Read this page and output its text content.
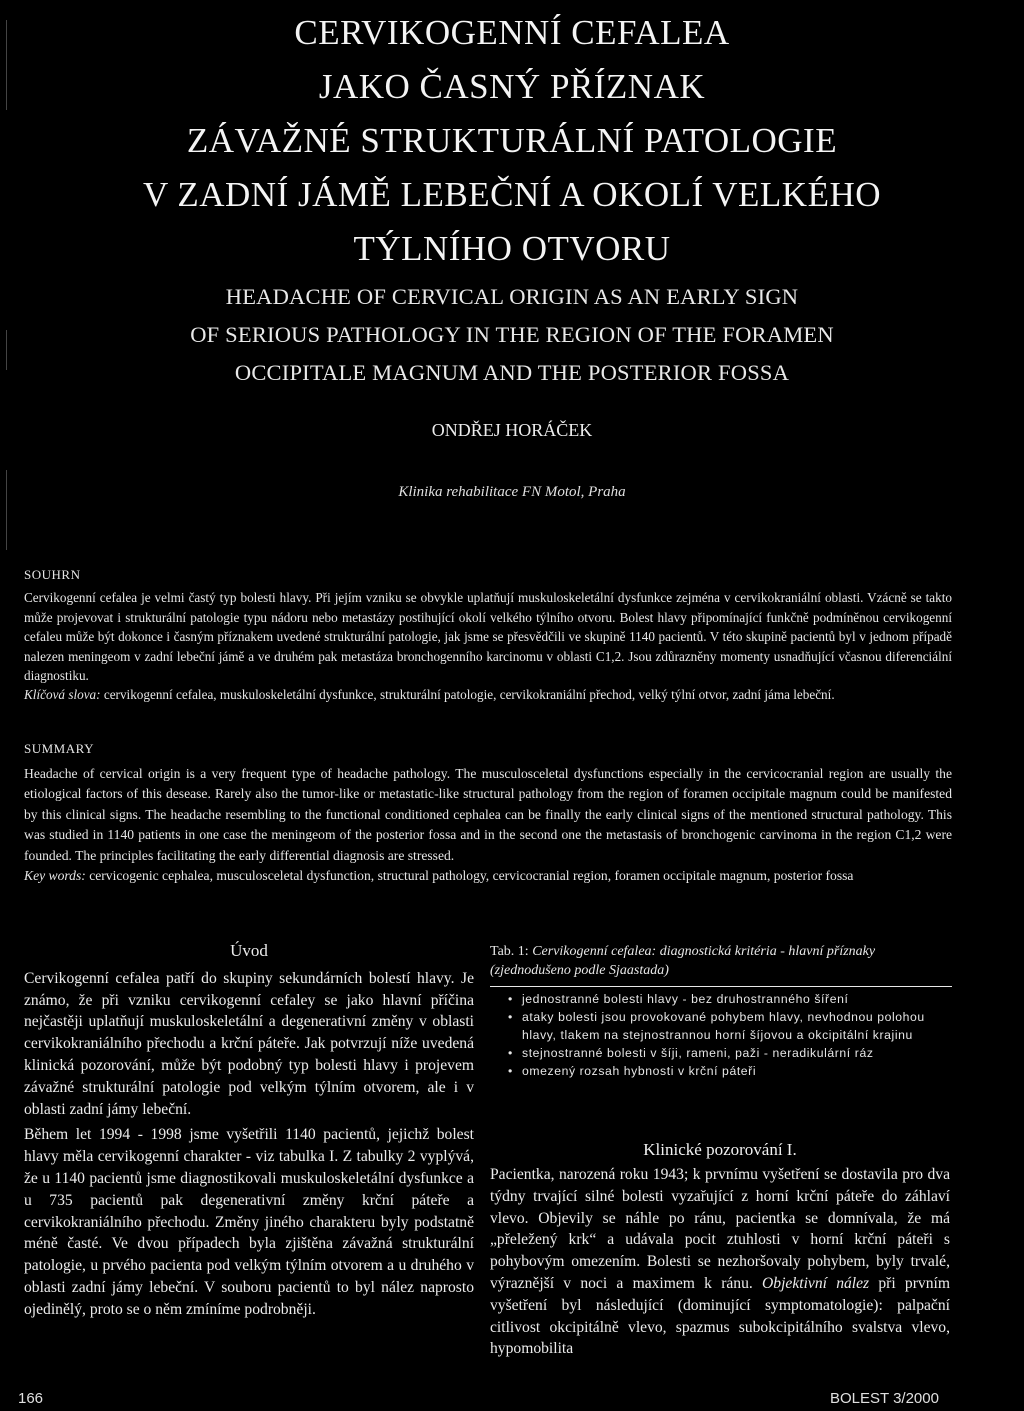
CERVIKOGENNÍ CEFALEA
JAKO ČASNÝ PŘÍZNAK
ZÁVAŽNÉ STRUKTURÁLNÍ PATOLOGIE
V ZADNÍ JÁMĚ LEBEČNÍ A OKOLÍ VELKÉHO
TÝLNÍHO OTVORU
HEADACHE OF CERVICAL ORIGIN AS AN EARLY SIGN
OF SERIOUS PATHOLOGY IN THE REGION OF THE FORAMEN
OCCIPITALE MAGNUM AND THE POSTERIOR FOSSA
ONDŘEJ HORÁČEK
Klinika rehabilitace FN Motol, Praha
SOUHRN

Cervikogenní cefalea je velmi častý typ bolesti hlavy. Při jejím vzniku se obvykle uplatňují muskuloskeletální dysfunkce zejména v cervikokraniální oblasti. Vzácně se takto může projevovat i strukturální patologie typu nádoru nebo metastázy postihující okolí velkého týlního otvoru. Bolest hlavy připomínající funkčně podmíněnou cervikogenní cefaleu může být dokonce i časným příznakem uvedené strukturální patologie, jak jsme se přesvědčili ve skupině 1140 pacientů. V této skupině pacientů byl v jednom případě nalezen meningeom v zadní lebeční jámě a ve druhém pak metastáza bronchogenního karcinomu v oblasti C1,2. Jsou zdůrazněny momenty usnadňující včasnou diferenciální diagnostiku.

Klíčová slova: cervikogenní cefalea, muskuloskeletální dysfunkce, strukturální patologie, cervikokraniální přechod, velký týlní otvor, zadní jáma lebeční.

SUMMARY

Headache of cervical origin is a very frequent type of headache pathology. The musculosceletal dysfunctions especially in the cervicocranial region are usually the etiological factors of this desease. Rarely also the tumor-like or metastatic-like structural pathology from the region of foramen occipitale magnum could be manifested by this clinical signs. The headache resembling to the functional conditioned cephalea can be finally the early clinical signs of the mentioned structural pathology. This was studied in 1140 patients in one case the meningeom of the posterior fossa and in the second one the metastasis of bronchogenic carvinoma in the region C1,2 were founded. The principles facilitating the early differential diagnosis are stressed.

Key words: cervicogenic cephalea, musculosceletal dysfunction, structural pathology, cervicocranial region, foramen occipitale magnum, posterior fossa

Úvod

Cervikogenní cefalea patří do skupiny sekundárních bolestí hlavy. Je známo, že při vzniku cervikogenní cefaley se jako hlavní příčina nejčastěji uplatňují muskuloskeletální a degenerativní změny v oblasti cervikokraniálního přechodu a krční páteře. Jak potvrzují níže uvedená klinická pozorování, může být podobný typ bolesti hlavy i projevem závažné strukturální patologie pod velkým týlním otvorem, ale i v oblasti zadní jámy lebeční.

Během let 1994 - 1998 jsme vyšetřili 1140 pacientů, jejichž bolest hlavy měla cervikogenní charakter - viz tabulka I. Z tabulky 2 vyplývá, že u 1140 pacientů jsme diagnostikovali muskuloskeletální dysfunkce a u 735 pacientů pak degenerativní změny krční páteře a cervikokraniálního přechodu. Změny jiného charakteru byly podstatně méně časté. Ve dvou případech byla zjištěna závažná strukturální patologie, u prvého pacienta pod velkým týlním otvorem a u druhého v oblasti zadní jámy lebeční. V souboru pacientů to byl nález naprosto ojedinělý, proto se o něm zmíníme podrobněji.

Tab. 1: Cervikogenní cefalea: diagnostická kritéria - hlavní příznaky (zjednodušeno podle Sjaastada)
• jednostranné bolesti hlavy - bez druhostranného šíření
• ataky bolesti jsou provokované pohybem hlavy, nevhodnou polohou hlavy, tlakem na stejnostrannou horní šíjovou a okcipitální krajinu
• stejnostranné bolesti v šíji, rameni, paži - neradikulární ráz
• omezený rozsah hybnosti v krční páteři
Klinické pozorování I.

Pacientka, narozená roku 1943; k prvnímu vyšetření se dostavila pro dva týdny trvající silné bolesti vyzařující z horní krční páteře do záhlaví vlevo. Objevily se náhle po ránu, pacientka se domnívala, že má „přeležený krk“ a udávala pocit ztuhlosti v horní krční páteři s pohybovým omezením. Bolesti se nezhoršovaly pohybem, byly trvalé, výraznější v noci a maximem k ránu. Objektivní nález při prvním vyšetření byl následující (dominující symptomatologie): palpační citlivost okcipitálně vlevo, spazmus subokcipitálního svalstva vlevo, hypomobilita

166	BOLEST 3/2000
